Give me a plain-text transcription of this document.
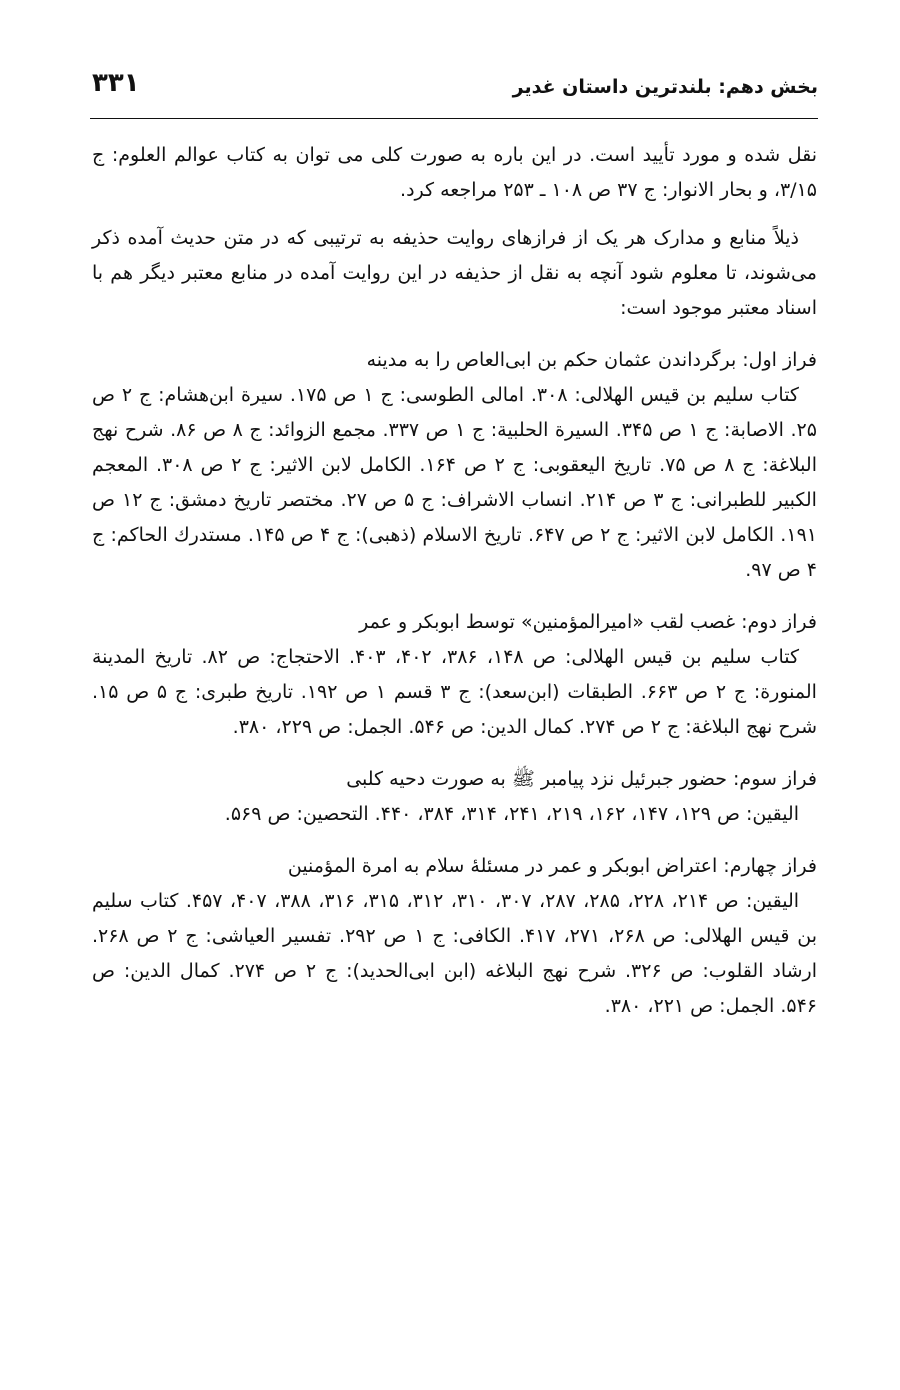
بخش دهم: بلندترین داستان غدیر
۳۳۱

نقل شده و مورد تأیید است. در این باره به صورت کلی می توان به کتاب عوالم العلوم: ج ۳/۱۵، و بحار الانوار: ج ۳۷ ص ۱۰۸ ـ ۲۵۳ مراجعه کرد.

ذیلاً منابع و مدارک هر یک از فرازهای روایت حذیفه به ترتیبی که در متن حدیث آمده ذکر می‌شوند، تا معلوم شود آنچه به نقل از حذیفه در این روایت آمده در منابع معتبر دیگر هم با اسناد معتبر موجود است:

فراز اول: برگرداندن عثمان حکم بن ابی‌العاص را به مدینه

کتاب سلیم بن قیس الهلالی: ۳۰۸. امالی الطوسی: ج ۱ ص ۱۷۵. سیرة ابن‌هشام: ج ۲ ص ۲۵. الاصابة: ج ۱ ص ۳۴۵. السیرة الحلبیة: ج ۱ ص ۳۳۷. مجمع الزوائد: ج ۸ ص ۸۶. شرح نهج البلاغة: ج ۸ ص ۷۵. تاریخ الیعقوبی: ج ۲ ص ۱۶۴. الکامل لابن الاثیر: ج ۲ ص ۳۰۸. المعجم الکبیر للطبرانی: ج ۳ ص ۲۱۴. انساب الاشراف: ج ۵ ص ۲۷. مختصر تاریخ دمشق: ج ۱۲ ص ۱۹۱. الکامل لابن الاثیر: ج ۲ ص ۶۴۷. تاریخ الاسلام (ذهبی): ج ۴ ص ۱۴۵. مستدرك الحاکم: ج ۴ ص ۹۷.

فراز دوم: غصب لقب «امیرالمؤمنین» توسط ابوبکر و عمر

کتاب سلیم بن قیس الهلالی: ص ۱۴۸، ۳۸۶، ۴۰۲، ۴۰۳. الاحتجاج: ص ۸۲. تاریخ المدینة المنورة: ج ۲ ص ۶۶۳. الطبقات (ابن‌سعد): ج ۳ قسم ۱ ص ۱۹۲. تاریخ طبری: ج ۵ ص ۱۵. شرح نهج البلاغة: ج ۲ ص ۲۷۴. کمال الدین: ص ۵۴۶. الجمل: ص ۲۲۹، ۳۸۰.

فراز سوم: حضور جبرئیل نزد پیامبر ﷺ به صورت دحیه کلبی

الیقین: ص ۱۲۹، ۱۴۷، ۱۶۲، ۲۱۹، ۲۴۱، ۳۱۴، ۳۸۴، ۴۴۰. التحصین: ص ۵۶۹.

فراز چهارم: اعتراض ابوبکر و عمر در مسئلهٔ سلام به امرة المؤمنین

الیقین: ص ۲۱۴، ۲۲۸، ۲۸۵، ۲۸۷، ۳۰۷، ۳۱۰، ۳۱۲، ۳۱۵، ۳۱۶، ۳۸۸، ۴۰۷، ۴۵۷. کتاب سلیم بن قیس الهلالی: ص ۲۶۸، ۲۷۱، ۴۱۷. الکافی: ج ۱ ص ۲۹۲. تفسیر العیاشی: ج ۲ ص ۲۶۸. ارشاد القلوب: ص ۳۲۶. شرح نهج البلاغه (ابن ابی‌الحدید): ج ۲ ص ۲۷۴. کمال الدین: ص ۵۴۶. الجمل: ص ۲۲۱، ۳۸۰.
